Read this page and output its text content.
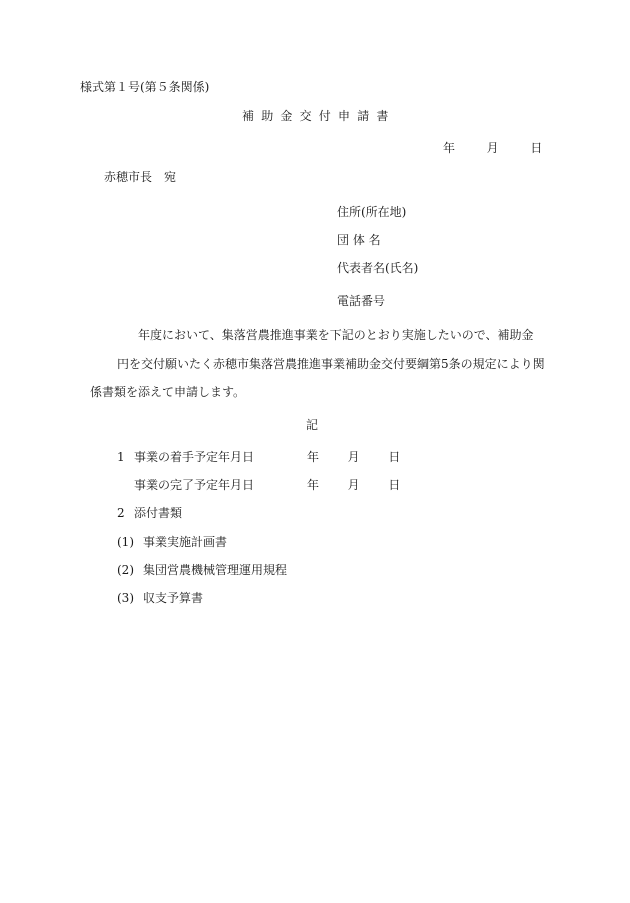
様式第１号(第５条関係)
補助金交付申請書
年	月	日
赤穂市長　宛
住所(所在地)
団 体 名
代表者名(氏名)
電話番号
年度において、集落営農推進事業を下記のとおり実施したいので、補助金
円を交付願いたく赤穂市集落営農推進事業補助金交付要綱第5条の規定により関
係書類を添えて申請します。
記
1 事業の着手予定年月日	年 月 日
事業の完了予定年月日	年 月 日
2 添付書類
(1) 事業実施計画書
(2) 集団営農機械管理運用規程
(3) 収支予算書
